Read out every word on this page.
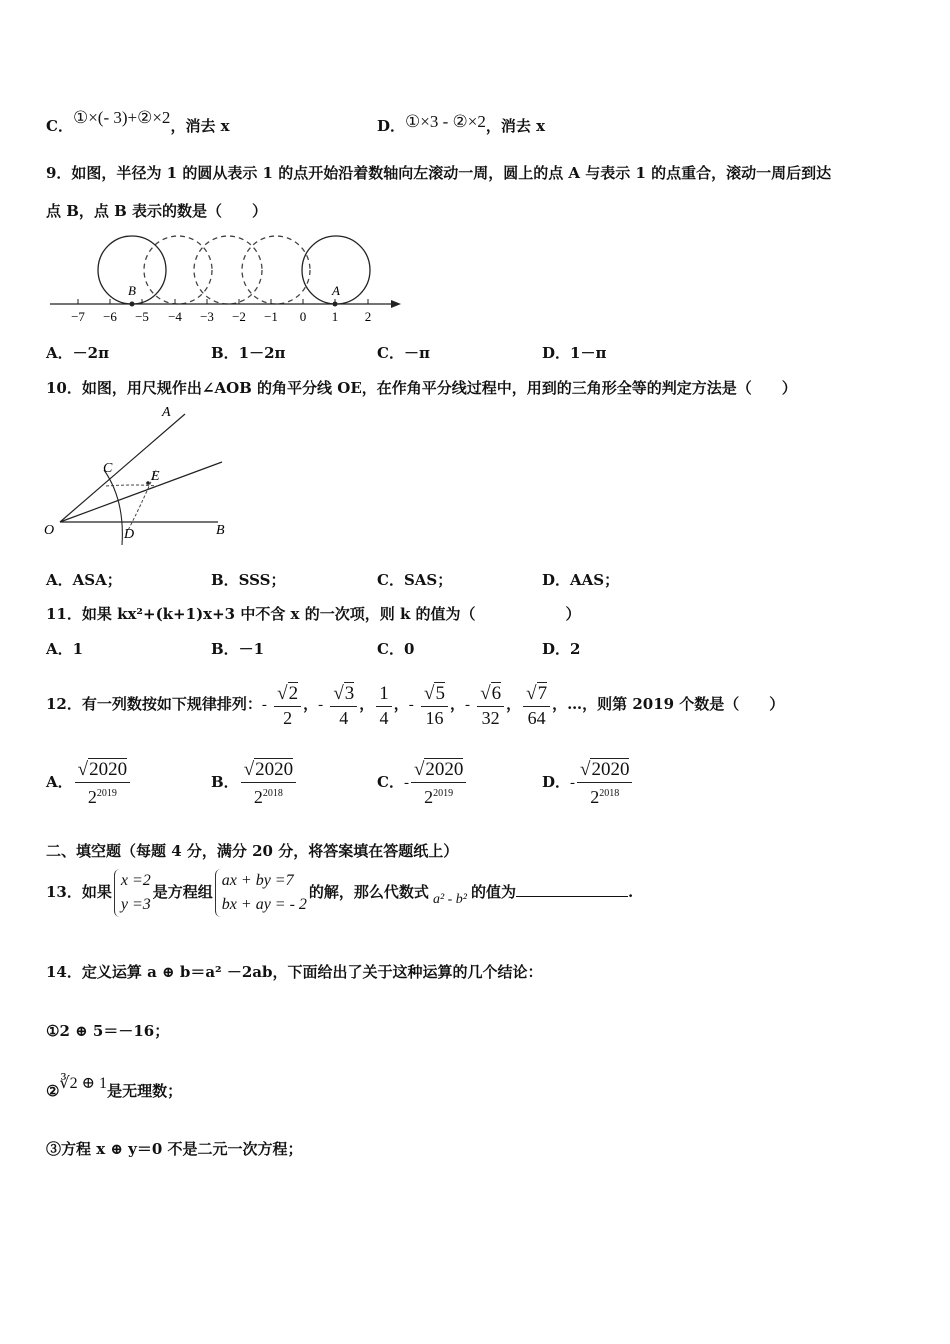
C．①×(- 3)+②×2，消去 x	D．①×3 - ②×2，消去 x
9．如图，半径为 1 的圆从表示 1 的点开始沿着数轴向左滚动一周，圆上的点 A 与表示 1 的点重合，滚动一周后到达
点 B，点 B 表示的数是（　　）
B	A
−7 −6 −5 −4 −3 −2 −1 0 1 2
A．－2π	B．1－2π	C．－π	D．1－π
10．如图，用尺规作出∠AOB 的角平分线 OE，在作角平分线过程中，用到的三角形全等的判定方法是（　　）
A
B
C
D
E
O
A．ASA；	B．SSS；	C．SAS；	D．AAS；
11．如果 kx²+(k+1)x+3 中不含 x 的一次项，则 k 的值为（　　　　　　）
A．1	B．－1	C．0	D．2
12．有一列数按如下规律排列：- $\frac{√2}{2}$ ，- $\frac{√3}{4}$ ， $\frac{1}{4}$ ，- $\frac{√5}{16}$ ，- $\frac{√6}{32}$ ， $\frac{√7}{64}$ ，…，则第 2019 个数是（　　）
A． $\frac{√2020}{2^{2019}}$	B． $\frac{√2020}{2^{2018}}$	C．- $\frac{√2020}{2^{2019}}$	D．- $\frac{√2020}{2^{2018}}$
二、填空题（每题 4 分，满分 20 分，将答案填在答题纸上）
13．如果
x =2
y =3
是方程组
ax + by =7
bx + ay = - 2
的解，那么代数式 a² - b² 的值为	.
14．定义运算 a ⊕ b＝a² －2ab，下面给出了关于这种运算的几个结论：
①2 ⊕ 5＝－16；
②∛2 ⊕ 1是无理数；
③方程 x ⊕ y＝0 不是二元一次方程；
